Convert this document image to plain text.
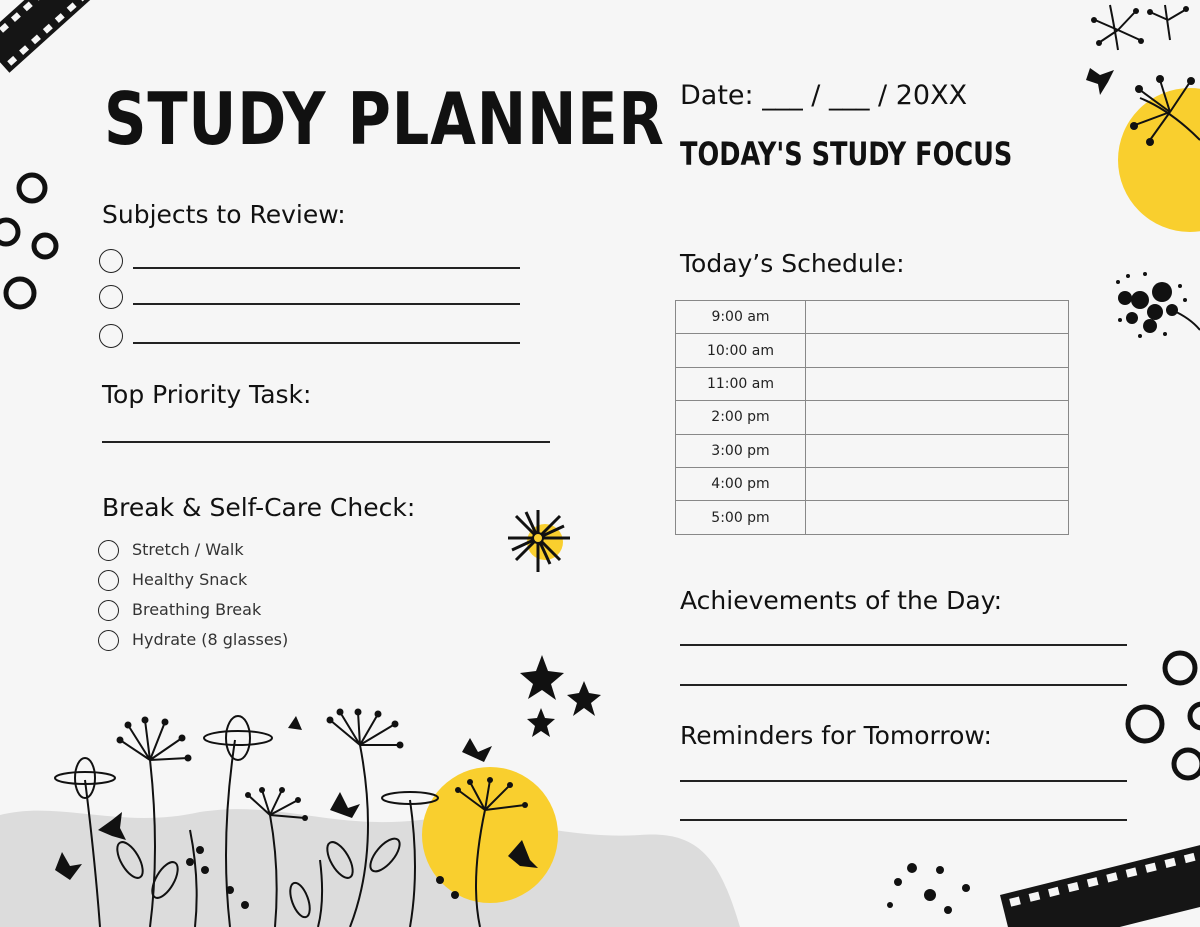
STUDY PLANNER
Subjects to Review:
Top Priority Task:
Break & Self-Care Check:
Stretch / Walk
Healthy Snack
Breathing Break
Hydrate (8 glasses)
Date: ___ / ___ / 20XX
TODAY'S STUDY FOCUS
Today’s Schedule:
9:00 am	
10:00 am	
11:00 am	
2:00 pm	
3:00 pm	
4:00 pm	
5:00 pm	
Achievements of the Day:
Reminders for Tomorrow:
